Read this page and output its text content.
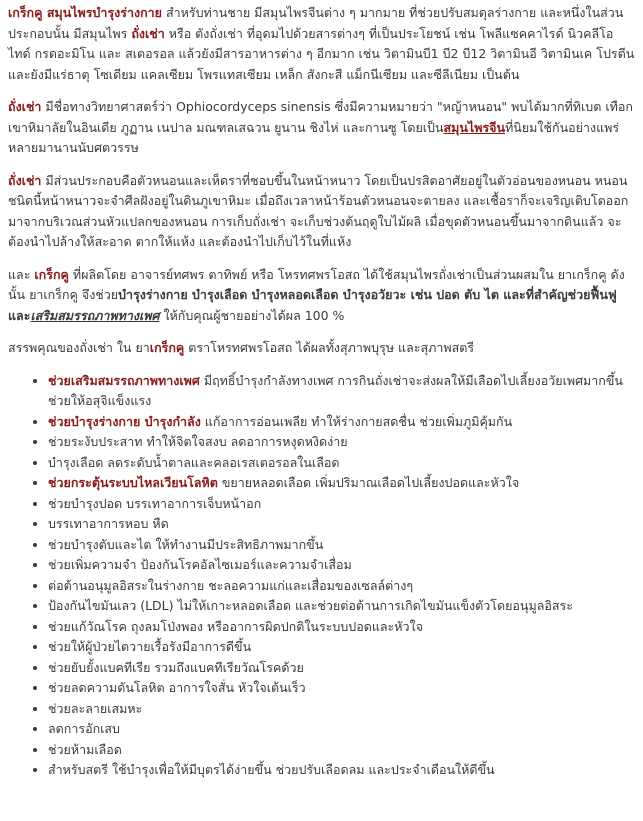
เกร็กคู สมุนไพรบำรุงร่างกาย สำหรับท่านชาย มีสมุนไพรจีนต่าง ๆ มากมาย ที่ช่วยปรับสมดุลร่างกาย และหนึ่งในส่วนประกอบนั้น มีสมุนไพร ถั่งเช่า หรือ ตังถั่งเช่า ที่อุดมไปด้วยสารต่างๆ ที่เป็นประโยชน์ เช่น โพลีแซคคาไรด์ นิวคลีโอไทด์ กรดอะมิโน และ สเตอรอล แล้วยังมีสารอาหารต่าง ๆ อีกมาก เช่น วิตามินบี1 บี2 บี12 วิตามินอี วิตามินเค โปรตีน และยังมีแร่ธาตุ โซเดียม แคลเซียม โพรแทสเซียม เหล็ก สังกะสี แม็กนีเซียม และซีลีเนียม เป็นต้น

ถั่งเช่า มีชื่อทางวิทยาศาสตร์ว่า Ophiocordyceps sinensis ซึ่งมีความหมายว่า "หญ้าหนอน" พบได้มากที่ทิเบต เทือกเขาหิมาลัยในอินเดีย ภูฏาน เนปาล มณฑลเสฉวน ยูนาน ชิงไห่ และกานซู โดยเป็นสมุนไพรจีนที่นิยมใช้กันอย่างแพร่หลายมานานนับศตวรรษ

ถั่งเช่า มีส่วนประกอบคือตัวหนอนและเห็ดราที่ชอบขึ้นในหน้าหนาว โดยเป็นปรสิตอาศัยอยู่ในตัวอ่อนของหนอน หนอนชนิดนี้หน้าหนาวจะจำศีลฝังอยู่ในดินภูเขาหิมะ เมื่อถึงเวลาหน้าร้อนตัวหนอนจะตายลง และเชื้อราก็จะเจริญเติบโตออกมาจากบริเวณส่วนหัวแปลกของหนอน การเก็บถั่งเช่า จะเก็บช่วงต้นฤดูใบไม้ผลิ เมื่อขุดตัวหนอนขึ้นมาจากดินแล้ว จะต้องนำไปล้างให้สะอาด ตากให้แห้ง และต้องนำไปเก็บไว้ในที่แห้ง

และ เกร็กคู ที่ผลิตโดย อาจารย์ทศพร ตาทิพย์ หรือ โหรทศพรโอสถ ได้ใช้สมุนไพรถั่งเช่าเป็นส่วนผสมใน ยาเกร็กคู ดังนั้น ยาเกร็กคู จึงช่วยบำรุงร่างกาย บำรุงเลือด บำรุงหลอดเลือด บำรุงอวัยวะ เช่น ปอด ตับ ไต และที่สำคัญช่วยฟื้นฟูและเสริมสมรรถภาพทางเพศ ให้กับคุณผู้ชายอย่างได้ผล 100 %

สรรพคุณของถั่งเช่า ใน ยาเกร็กคู ตราโหรทศพรโอสถ ได้ผลทั้งสุภาพบุรุษ และสุภาพสตรี

• ช่วยเสริมสมรรถภาพทางเพศ มีฤทธิ์บำรุงกำลังทางเพศ การกินถั่งเช่าจะส่งผลให้มีเลือดไปเลี้ยงอวัยเพศมากขึ้น ช่วยให้อสุจิแข็งแรง
• ช่วยบำรุงร่างกาย บำรุงกำลัง แก้อาการอ่อนเพลีย ทำให้ร่างกายสดชื่น ช่วยเพิ่มภูมิคุ้มกัน
• ช่วยระงับประสาท ทำให้จิตใจสงบ ลดอาการหงุดหงิดง่าย
• บำรุงเลือด ลดระดับน้ำตาลและคลอเรสเตอรอลในเลือด
• ช่วยกระตุ้นระบบไหลเวียนโลหิต ขยายหลอดเลือด เพิ่มปริมาณเลือดไปเลี้ยงปอดและหัวใจ
• ช่วยบำรุงปอด บรรเทาอาการเจ็บหน้าอก
• บรรเทาอาการหอบ หืด
• ช่วยบำรุงตับและไต ให้ทำงานมีประสิทธิภาพมากขึ้น
• ช่วยเพิ่มความจำ ป้องกันโรคอัลไซเมอร์และความจำเสื่อม
• ต่อต้านอนุมูลอิสระในร่างกาย ชะลอความแก่และเสื่อมของเซลล์ต่างๆ
• ป้องกันไขมันเลว (LDL) ไม่ให้เกาะหลอดเลือด และช่วยต่อต้านการเกิดไขมันแข็งตัวโดยอนุมูลอิสระ
• ช่วยแก้วัณโรค ถุงลมโป่งพอง หรืออาการผิดปกติในระบบปอดและหัวใจ
• ช่วยให้ผู้ป่วยไตวายเรื้อรังมีอาการดีขึ้น
• ช่วยยับยั้งแบคทีเรีย รวมถึงแบคทีเรียวัณโรคด้วย
• ช่วยลดความดันโลหิต อาการใจสั่น หัวใจเต้นเร็ว
• ช่วยละลายเสมหะ
• ลดการอักเสบ
• ช่วยห้ามเลือด
• สำหรับสตรี ใช้บำรุงเพื่อให้มีบุตรได้ง่ายขึ้น ช่วยปรับเลือดลม และประจำเดือนให้ดีขึ้น
